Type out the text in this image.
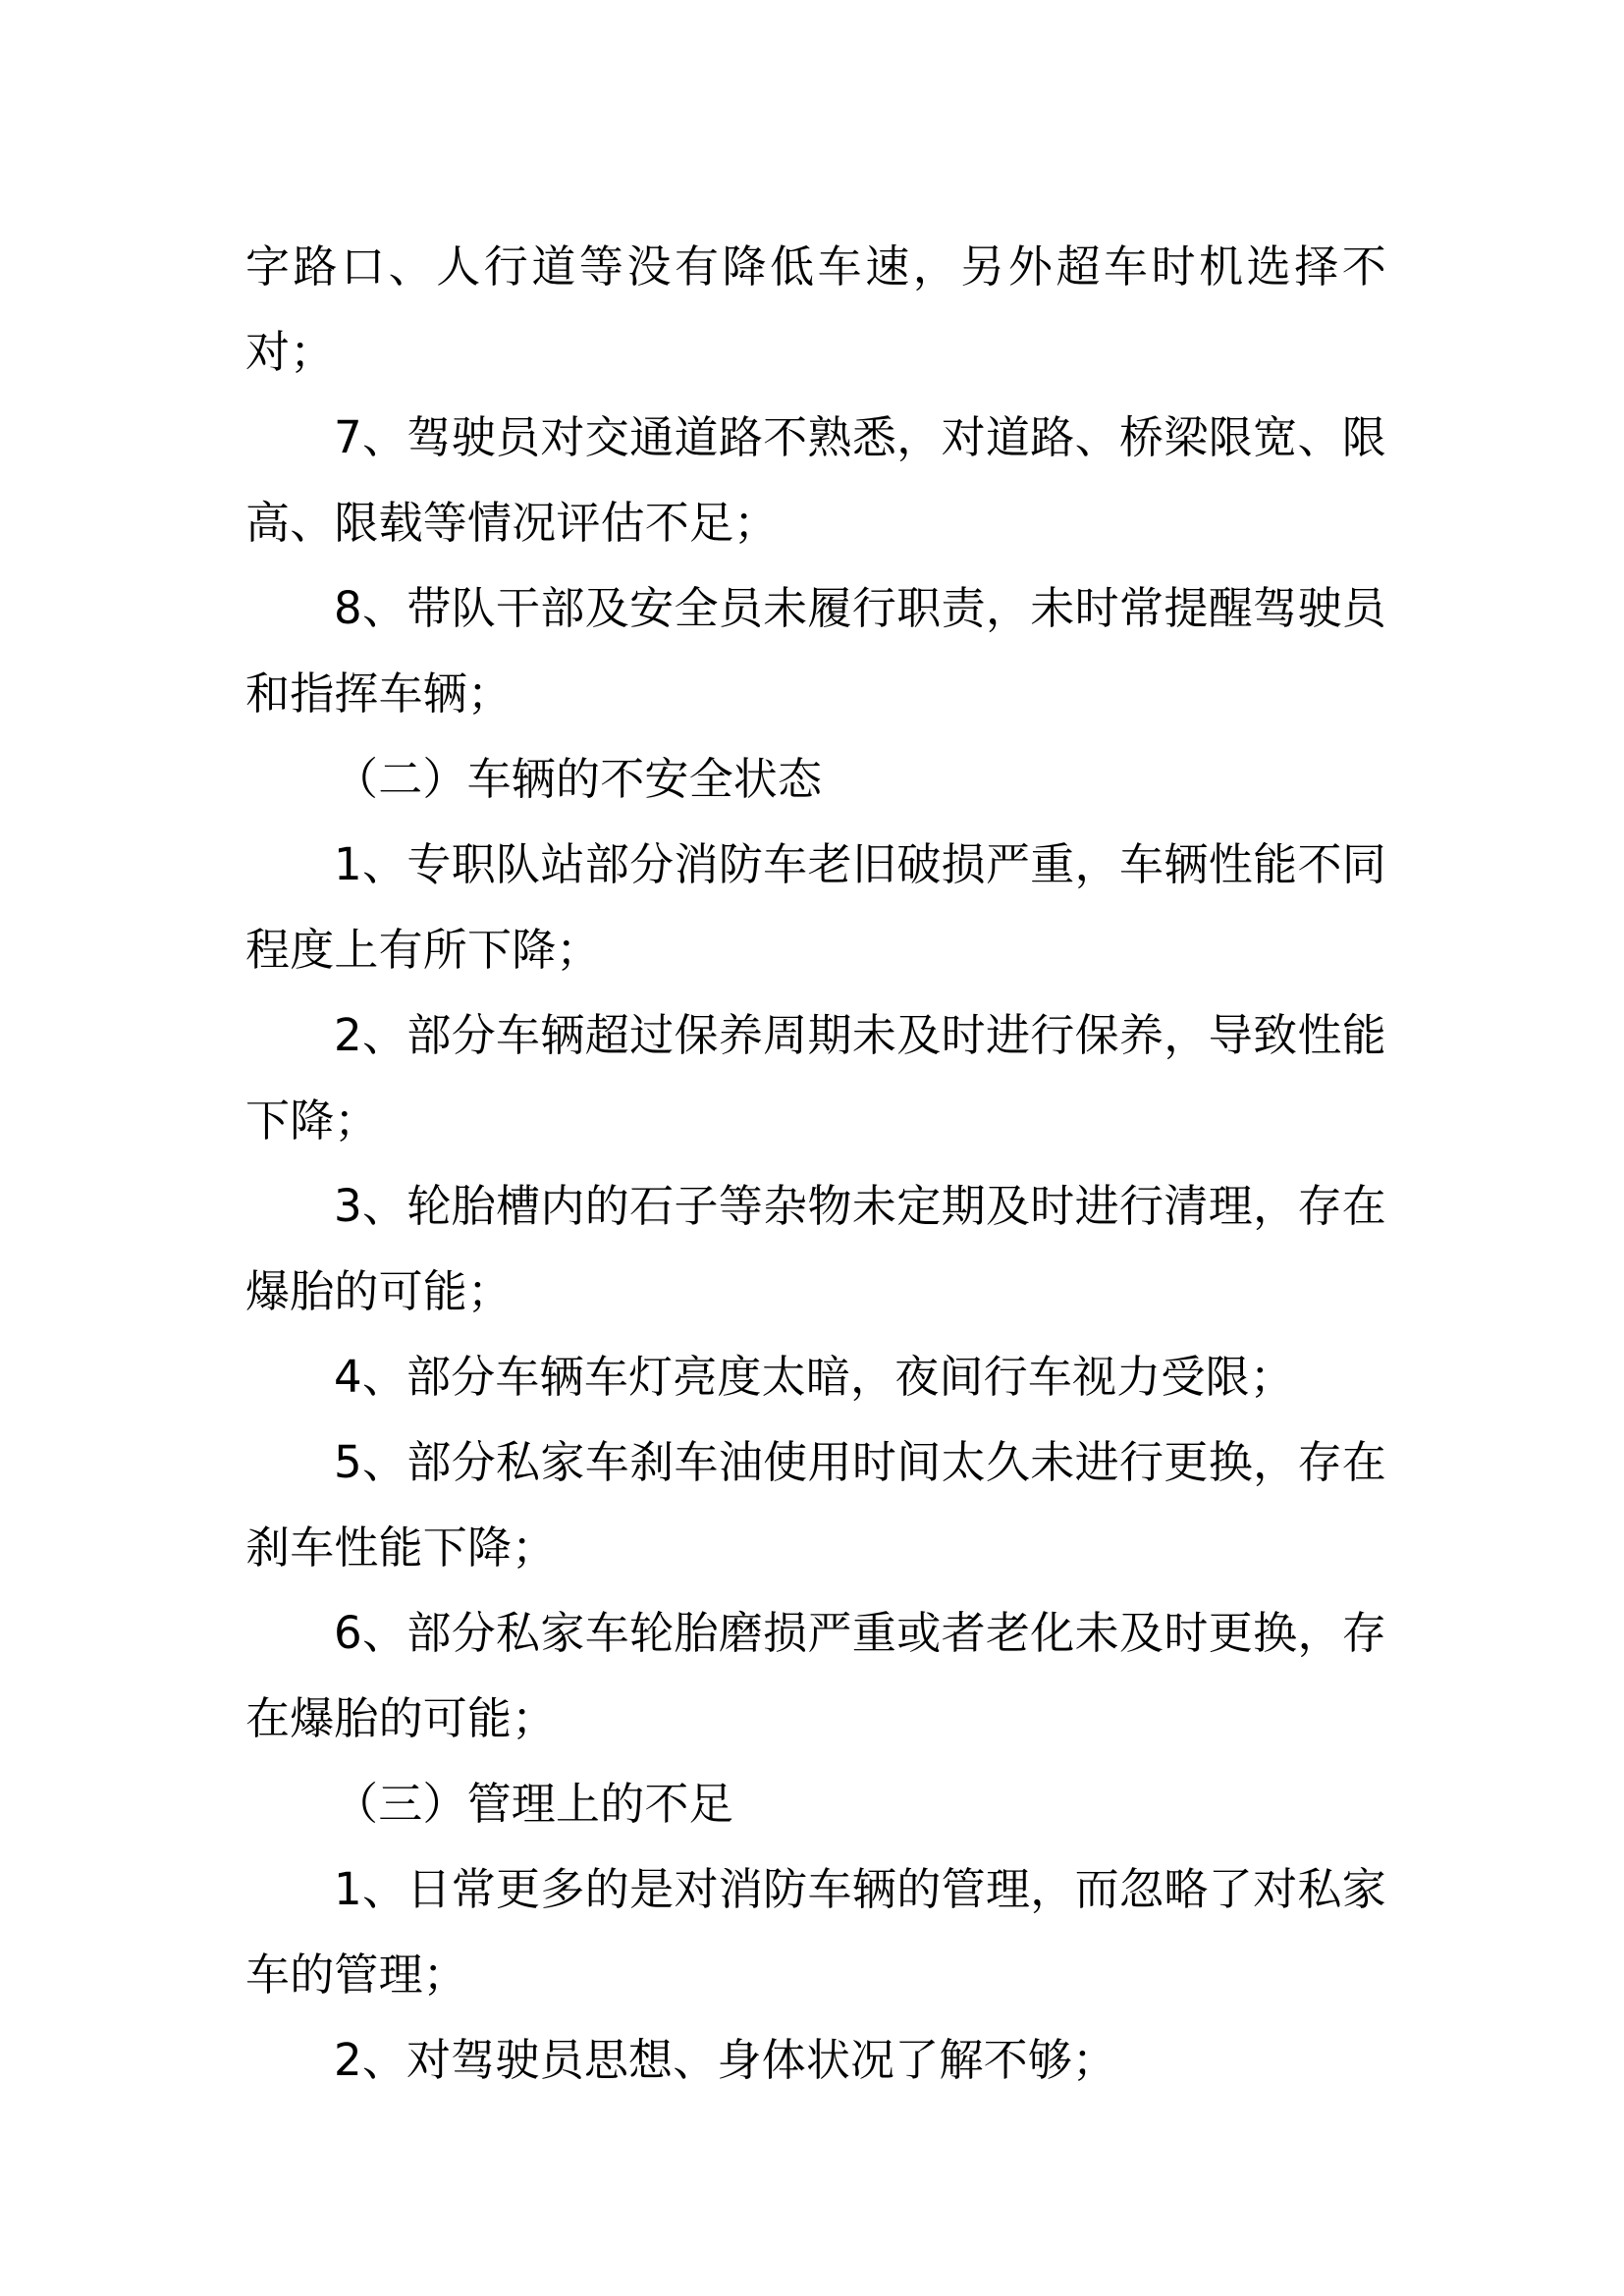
字路口、人行道等没有降低车速，另外超车时机选择不对；

7、驾驶员对交通道路不熟悉，对道路、桥梁限宽、限高、限载等情况评估不足；

8、带队干部及安全员未履行职责，未时常提醒驾驶员和指挥车辆；

（二）车辆的不安全状态

1、专职队站部分消防车老旧破损严重，车辆性能不同程度上有所下降；

2、部分车辆超过保养周期未及时进行保养，导致性能下降；

3、轮胎槽内的石子等杂物未定期及时进行清理，存在爆胎的可能；

4、部分车辆车灯亮度太暗，夜间行车视力受限；

5、部分私家车刹车油使用时间太久未进行更换，存在刹车性能下降；

6、部分私家车轮胎磨损严重或者老化未及时更换，存在爆胎的可能；

（三）管理上的不足

1、日常更多的是对消防车辆的管理，而忽略了对私家车的管理；

2、对驾驶员思想、身体状况了解不够；
